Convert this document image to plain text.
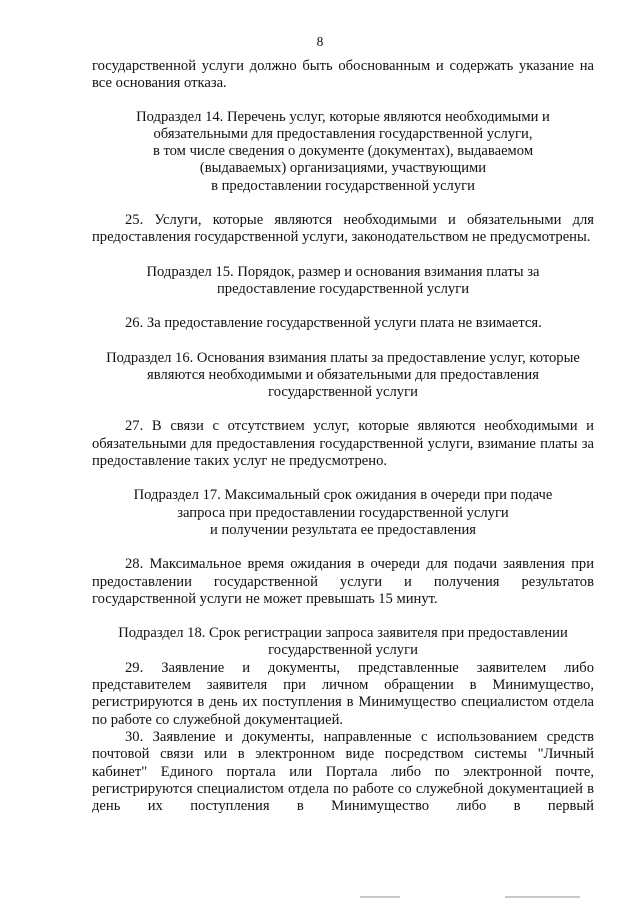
8

государственной услуги должно быть обоснованным и содержать указание на все основания отказа.

Подраздел 14. Перечень услуг, которые являются необходимыми и
обязательными для предоставления государственной услуги,
в том числе сведения о документе (документах), выдаваемом
(выдаваемых) организациями, участвующими
в предоставлении государственной услуги

25. Услуги, которые являются необходимыми и обязательными для предоставления государственной услуги, законодательством не предусмотрены.

Подраздел 15. Порядок, размер и основания взимания платы за
предоставление государственной услуги

26. За предоставление государственной услуги плата не взимается.

Подраздел 16. Основания взимания платы за предоставление услуг, которые
являются необходимыми и обязательными для предоставления
государственной услуги

27. В связи с отсутствием услуг, которые являются необходимыми и обязательными для предоставления государственной услуги, взимание платы за предоставление таких услуг не предусмотрено.

Подраздел 17. Максимальный срок ожидания в очереди при подаче
запроса при предоставлении государственной услуги
и получении результата ее предоставления

28. Максимальное время ожидания в очереди для подачи заявления при предоставлении государственной услуги и получения результатов государственной услуги не может превышать 15 минут.

Подраздел 18. Срок регистрации запроса заявителя при предоставлении
государственной услуги

29. Заявление и документы, представленные заявителем либо представителем заявителя при личном обращении в Минимущество, регистрируются в день их поступления в Минимущество специалистом отдела по работе со служебной документацией.

30. Заявление и документы, направленные с использованием средств почтовой связи или в электронном виде посредством системы "Личный кабинет" Единого портала или Портала либо по электронной почте, регистрируются специалистом отдела по работе со служебной документацией в день их поступления в Минимущество либо в первый
